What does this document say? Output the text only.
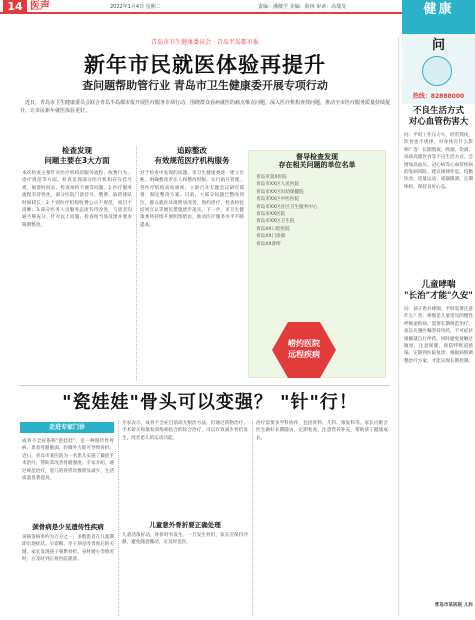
14 医声	2022年1月4日 星期二	责编：潘敬学 美编：薛林 审读：高瑞旻	健康
青岛市卫生健康委员会 · 青岛半岛都市报
新年市民就医体验再提升
查问题帮助管行业 青岛市卫生健康委开展专项行动
近日，青岛市卫生健康委员会联合青岛半岛都市报开展医疗服务专项行动，围绕群众看病就医的痛点难点问题，深入医疗机构查找问题，推动全市医疗服务质量持续提升，让市民新年就医体验更好。
检查发现
问题主要在3大方面
本次检查主要针对医疗机构的服务流程、收费行为、诊疗规范等方面。检查发现部分医疗机构存在挂号难、候诊时间长、检查预约不便等问题。1.医疗服务流程有待优化，部分医院门诊挂号、缴费、取药排队时间较长；2.个别医疗机构收费公示不规范，项目不清晰；3.部分医务人员服务态度有待改进，与患者沟通不够充分。针对以上问题，检查组当场反馈并要求限期整改。
追踪整改
有效规范医疗机构服务
对于检查中发现的问题，市卫生健康委逐一建立台账，明确整改责任人和整改时限，实行销号管理。各医疗机构高度重视，立即召开专题会议研究部署，制定整改方案。目前，大部分问题已整改到位，群众就医环境明显改善，预约诊疗、检查检验结果互认等便民措施逐步落实。下一步，市卫生健康委将持续开展明察暗访，推动医疗服务水平不断提高。
督导检查发现
存在相关问题的单位名单
青岛市第X医院
青岛市XX区人民医院
青岛市XX区妇幼保健院
青岛市XX区中医医院
青岛市XX区社区卫生服务中心
青岛市XX医院
青岛市XX区卫生院
青岛XX口腔医院
青岛XX门诊部
青岛XX诊所
崂约医院
远程疾病
"瓷娃娃"骨头可以变强？ "针"行！
走进专家门诊
成骨不全症俗称"瓷娃娃"，是一种遗传性骨病，患者骨骼脆弱，轻微外力即可导致骨折。近日，青岛市某医院为一名患儿实施了微创手术治疗，帮助其改善骨骼强度。专家介绍，通过规范治疗，患儿的骨折次数明显减少，生活质量显著提高。
颈骨病是少见遗传性疾病
该病发病率约为万分之一，多数患者在儿童期即出现症状。早诊断、早干预是改善预后的关键。家长发现孩子频繁骨折、身材矮小等情况时，应及时到正规医院就诊。
专家表示，成骨不全症目前尚无根治方法，但通过药物治疗、手术矫正和康复训练相结合的综合治疗，可以有效减少骨折发生，改善患儿的运动功能。
儿童意外骨折要正确处理
儿童活泼好动，骨折时有发生。一旦发生骨折，家长应保持冷静，避免随意搬动，应及时送医。
治疗需要多学科协作，包括骨科、儿科、康复科等。家长应配合医生做好长期随访，定期复查，注意营养补充，帮助孩子健康成长。
问
热线：82888000
不良生活方式
对心血管伤害大
问：平时工作压力大，经常熬夜，饮食也不规律，对身体有什么影响？答：长期熬夜、吸烟、饮酒、高盐高脂饮食等不良生活方式，会增加高血压、冠心病等心血管疾病的发病风险。建议规律作息，均衡饮食，适量运动，戒烟限酒，定期体检，保持良好心态。
儿童哮喘
"长治"才能"久安"
问：孩子患有哮喘，平时需要注意什么？答：哮喘是儿童常见的慢性呼吸道疾病，需要长期规范治疗。家长应遵医嘱坚持用药，不可症状缓解就自行停药。同时避免接触过敏原，注意保暖，预防呼吸道感染。定期到医院复诊，根据病情调整治疗方案，才能实现长期控制。
青岛市某医院 儿科
